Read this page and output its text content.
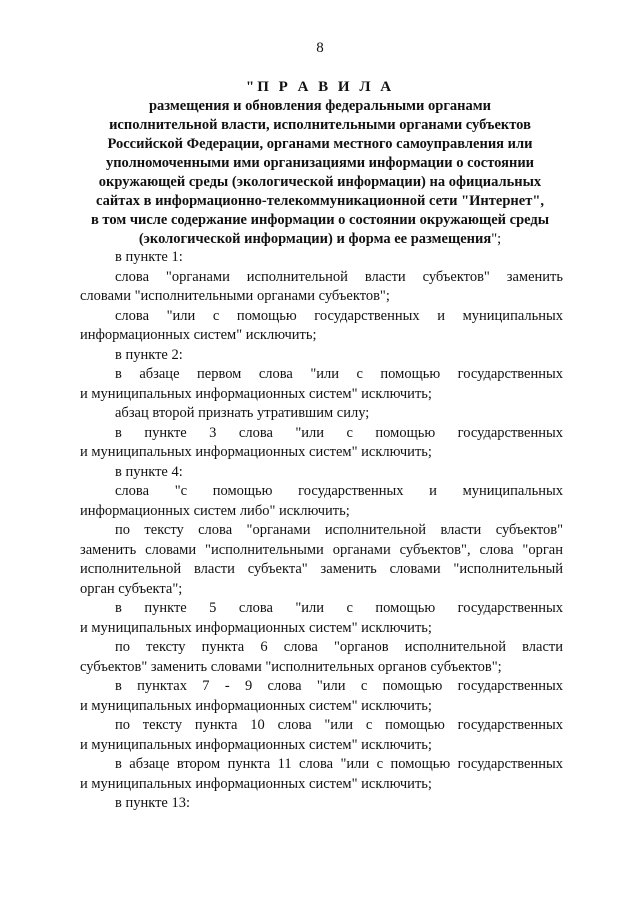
8
"П Р А В И Л А
размещения и обновления федеральными органами
исполнительной власти, исполнительными органами субъектов
Российской Федерации, органами местного самоуправления или
уполномоченными ими организациями информации о состоянии
окружающей среды (экологической информации) на официальных
сайтах в информационно-телекоммуникационной сети "Интернет",
в том числе содержание информации о состоянии окружающей среды
(экологической информации) и форма ее размещения";
в пункте 1:
слова "органами исполнительной власти субъектов" заменить
словами "исполнительными органами субъектов";
слова "или с помощью государственных и муниципальных
информационных систем" исключить;
в пункте 2:
в абзаце первом слова "или с помощью государственных
и муниципальных информационных систем" исключить;
абзац второй признать утратившим силу;
в пункте 3 слова "или с помощью государственных
и муниципальных информационных систем" исключить;
в пункте 4:
слова "с помощью государственных и муниципальных
информационных систем либо" исключить;
по тексту слова "органами исполнительной власти субъектов"
заменить словами "исполнительными органами субъектов", слова "орган
исполнительной власти субъекта" заменить словами "исполнительный
орган субъекта";
в пункте 5 слова "или с помощью государственных
и муниципальных информационных систем" исключить;
по тексту пункта 6 слова "органов исполнительной власти
субъектов" заменить словами "исполнительных органов субъектов";
в пунктах 7 - 9 слова "или с помощью государственных
и муниципальных информационных систем" исключить;
по тексту пункта 10 слова "или с помощью государственных
и муниципальных информационных систем" исключить;
в абзаце втором пункта 11 слова "или с помощью государственных
и муниципальных информационных систем" исключить;
в пункте 13:
